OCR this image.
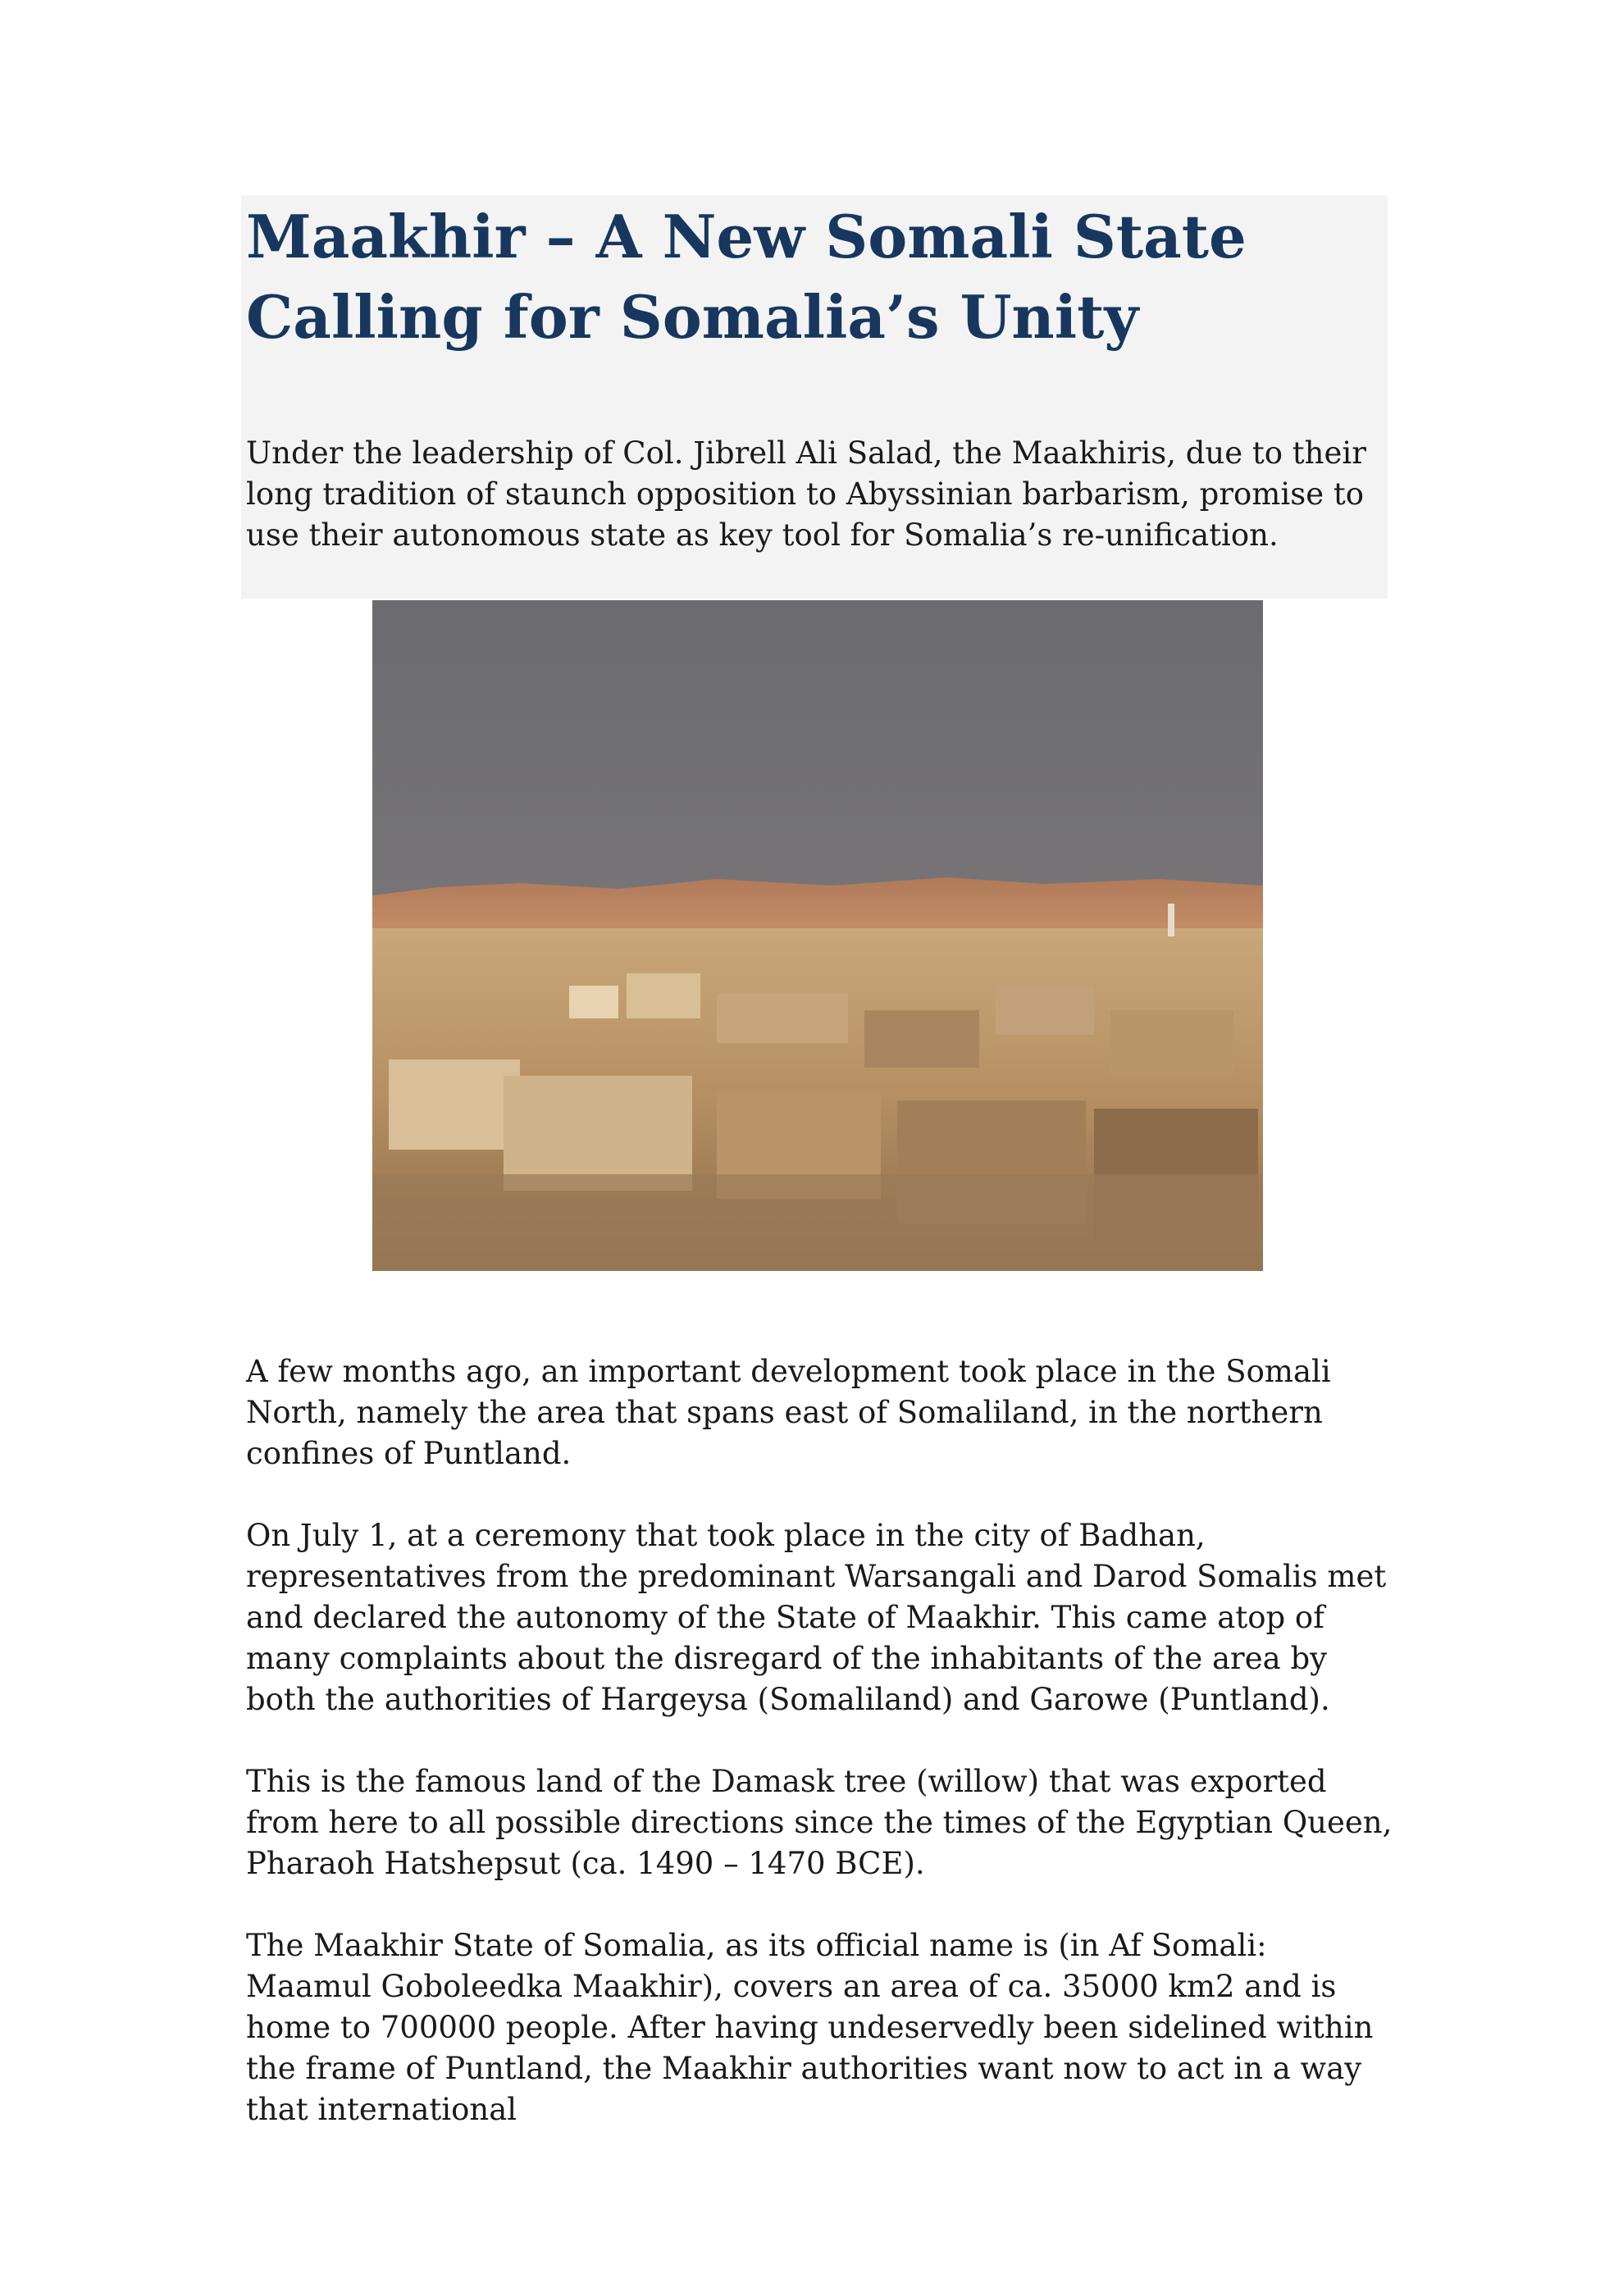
Maakhir – A New Somali State Calling for Somalia’s Unity

Under the leadership of Col. Jibrell Ali Salad, the Maakhiris, due to their long tradition of staunch opposition to Abyssinian barbarism, promise to use their autonomous state as key tool for Somalia’s re-unification.

A few months ago, an important development took place in the Somali North, namely the area that spans east of Somaliland, in the northern confines of Puntland.

On July 1, at a ceremony that took place in the city of Badhan, representatives from the predominant Warsangali and Darod Somalis met and declared the autonomy of the State of Maakhir. This came atop of many complaints about the disregard of the inhabitants of the area by both the authorities of Hargeysa (Somaliland) and Garowe (Puntland).

This is the famous land of the Damask tree (willow) that was exported from here to all possible directions since the times of the Egyptian Queen, Pharaoh Hatshepsut (ca. 1490 – 1470 BCE).

The Maakhir State of Somalia, as its official name is (in Af Somali: Maamul Goboleedka Maakhir), covers an area of ca. 35000 km2 and is home to 700000 people. After having undeservedly been sidelined within the frame of Puntland, the Maakhir authorities want now to act in a way that international
